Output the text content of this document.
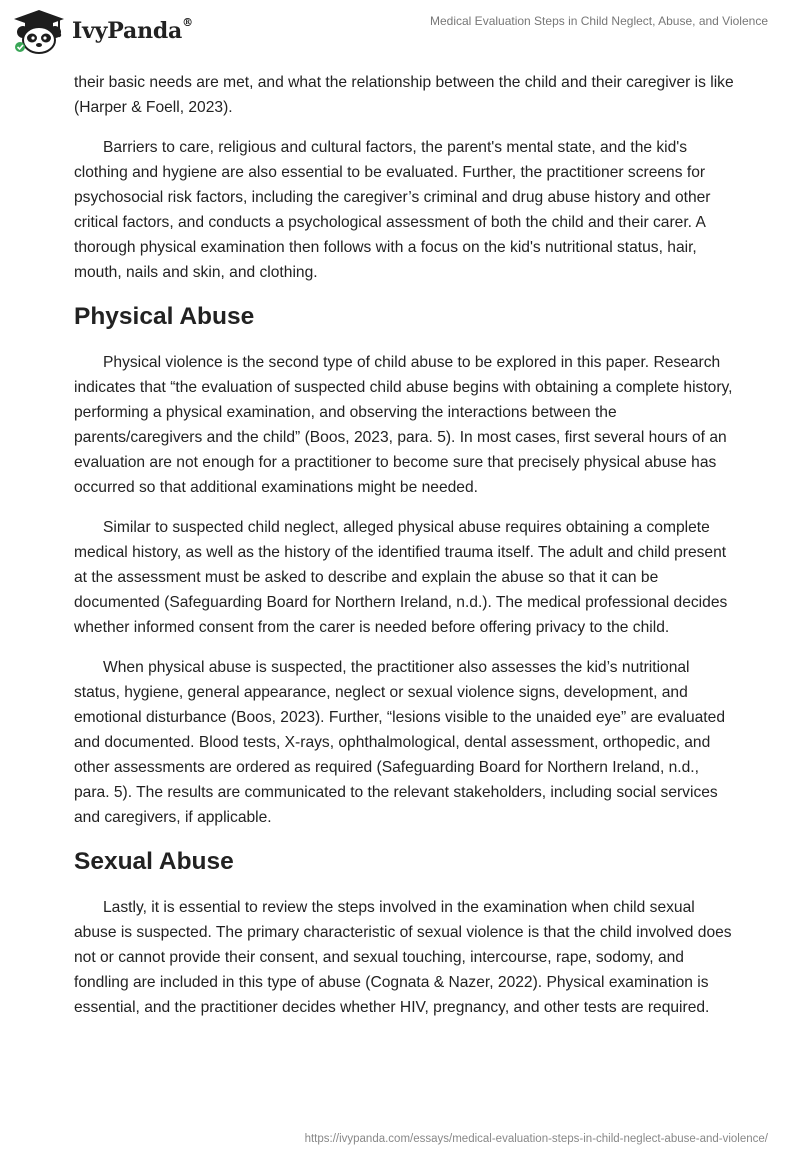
IvyPanda®	Medical Evaluation Steps in Child Neglect, Abuse, and Violence

their basic needs are met, and what the relationship between the child and their caregiver is like (Harper & Foell, 2023).

Barriers to care, religious and cultural factors, the parent's mental state, and the kid's clothing and hygiene are also essential to be evaluated. Further, the practitioner screens for psychosocial risk factors, including the caregiver’s criminal and drug abuse history and other critical factors, and conducts a psychological assessment of both the child and their carer. A thorough physical examination then follows with a focus on the kid's nutritional status, hair, mouth, nails and skin, and clothing.

Physical Abuse

Physical violence is the second type of child abuse to be explored in this paper. Research indicates that “the evaluation of suspected child abuse begins with obtaining a complete history, performing a physical examination, and observing the interactions between the parents/caregivers and the child” (Boos, 2023, para. 5). In most cases, first several hours of an evaluation are not enough for a practitioner to become sure that precisely physical abuse has occurred so that additional examinations might be needed.

Similar to suspected child neglect, alleged physical abuse requires obtaining a complete medical history, as well as the history of the identified trauma itself. The adult and child present at the assessment must be asked to describe and explain the abuse so that it can be documented (Safeguarding Board for Northern Ireland, n.d.). The medical professional decides whether informed consent from the carer is needed before offering privacy to the child.

When physical abuse is suspected, the practitioner also assesses the kid’s nutritional status, hygiene, general appearance, neglect or sexual violence signs, development, and emotional disturbance (Boos, 2023). Further, “lesions visible to the unaided eye” are evaluated and documented. Blood tests, X-rays, ophthalmological, dental assessment, orthopedic, and other assessments are ordered as required (Safeguarding Board for Northern Ireland, n.d., para. 5). The results are communicated to the relevant stakeholders, including social services and caregivers, if applicable.

Sexual Abuse

Lastly, it is essential to review the steps involved in the examination when child sexual abuse is suspected. The primary characteristic of sexual violence is that the child involved does not or cannot provide their consent, and sexual touching, intercourse, rape, sodomy, and fondling are included in this type of abuse (Cognata & Nazer, 2022). Physical examination is essential, and the practitioner decides whether HIV, pregnancy, and other tests are required.

https://ivypanda.com/essays/medical-evaluation-steps-in-child-neglect-abuse-and-violence/
